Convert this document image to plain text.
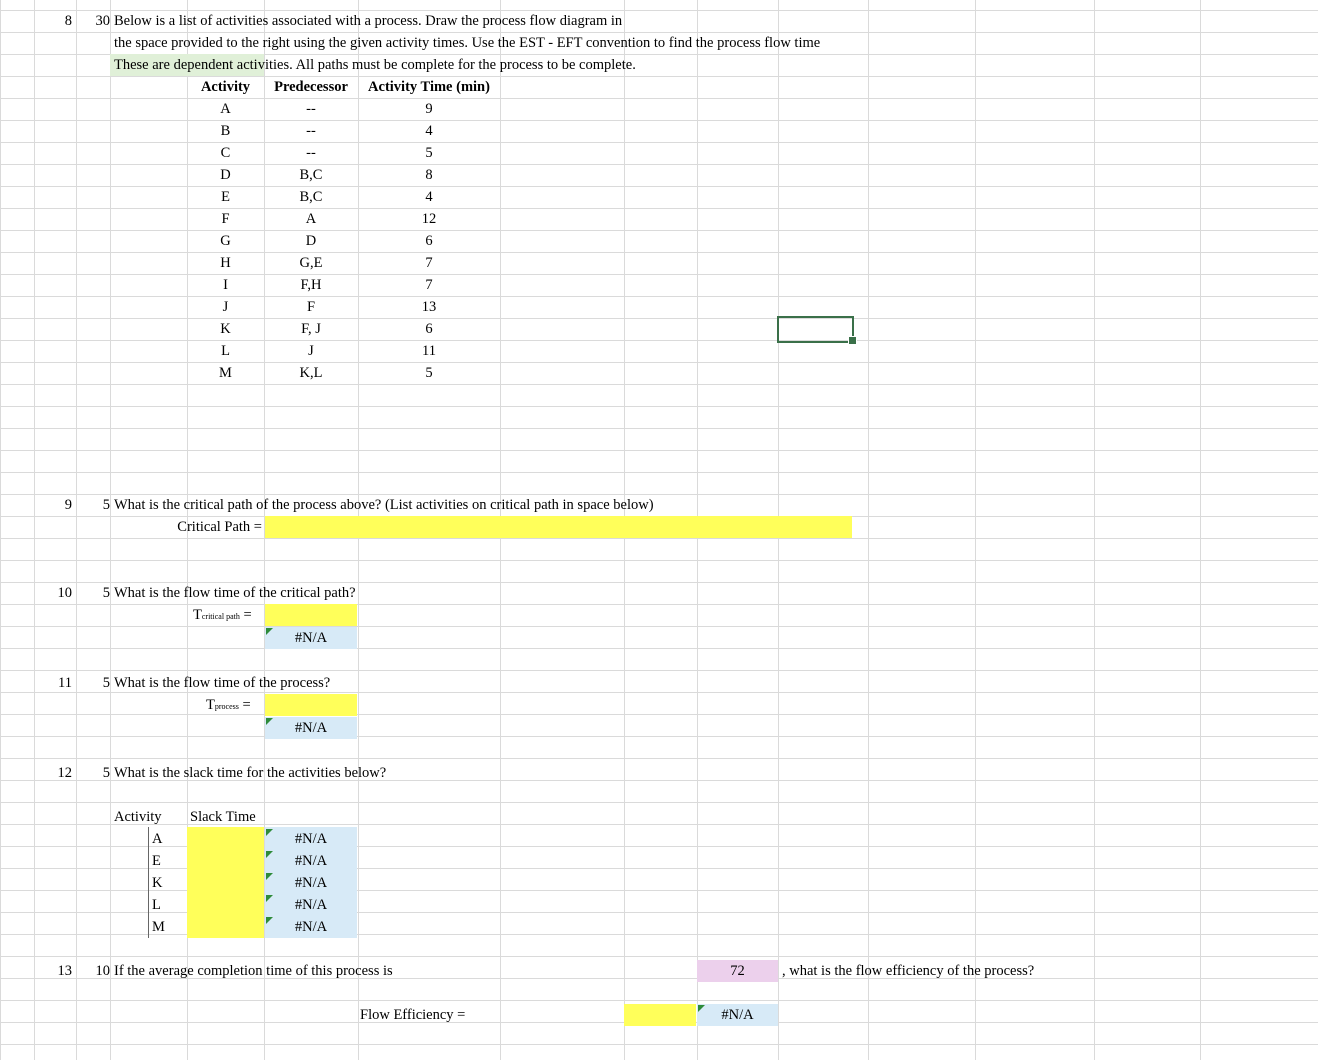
8	30 Below is a list of activities associated with a process. Draw the process flow diagram in
the space provided to the right using the given activity times. Use the EST - EFT convention to find the process flow time
These are dependent activities. All paths must be complete for the process to be complete.
Activity	Predecessor	Activity Time (min)
A	--	9
B	--	4
C	--	5
D	B,C	8
E	B,C	4
F	A	12
G	D	6
H	G,E	7
I	F,H	7
J	F	13
K	F, J	6
L	J	11
M	K,L	5
9	5 What is the critical path of the process above? (List activities on critical path in space below)
Critical Path =
10	5 What is the flow time of the critical path?
Tcritical path =
#N/A
11	5 What is the flow time of the process?
Tprocess =
#N/A
12	5 What is the slack time for the activities below?
Activity Slack Time
A	#N/A
E	#N/A
K	#N/A
L	#N/A
M	#N/A
13	10 If the average completion time of this process is	72	, what is the flow efficiency of the process?
Flow Efficiency =	#N/A
